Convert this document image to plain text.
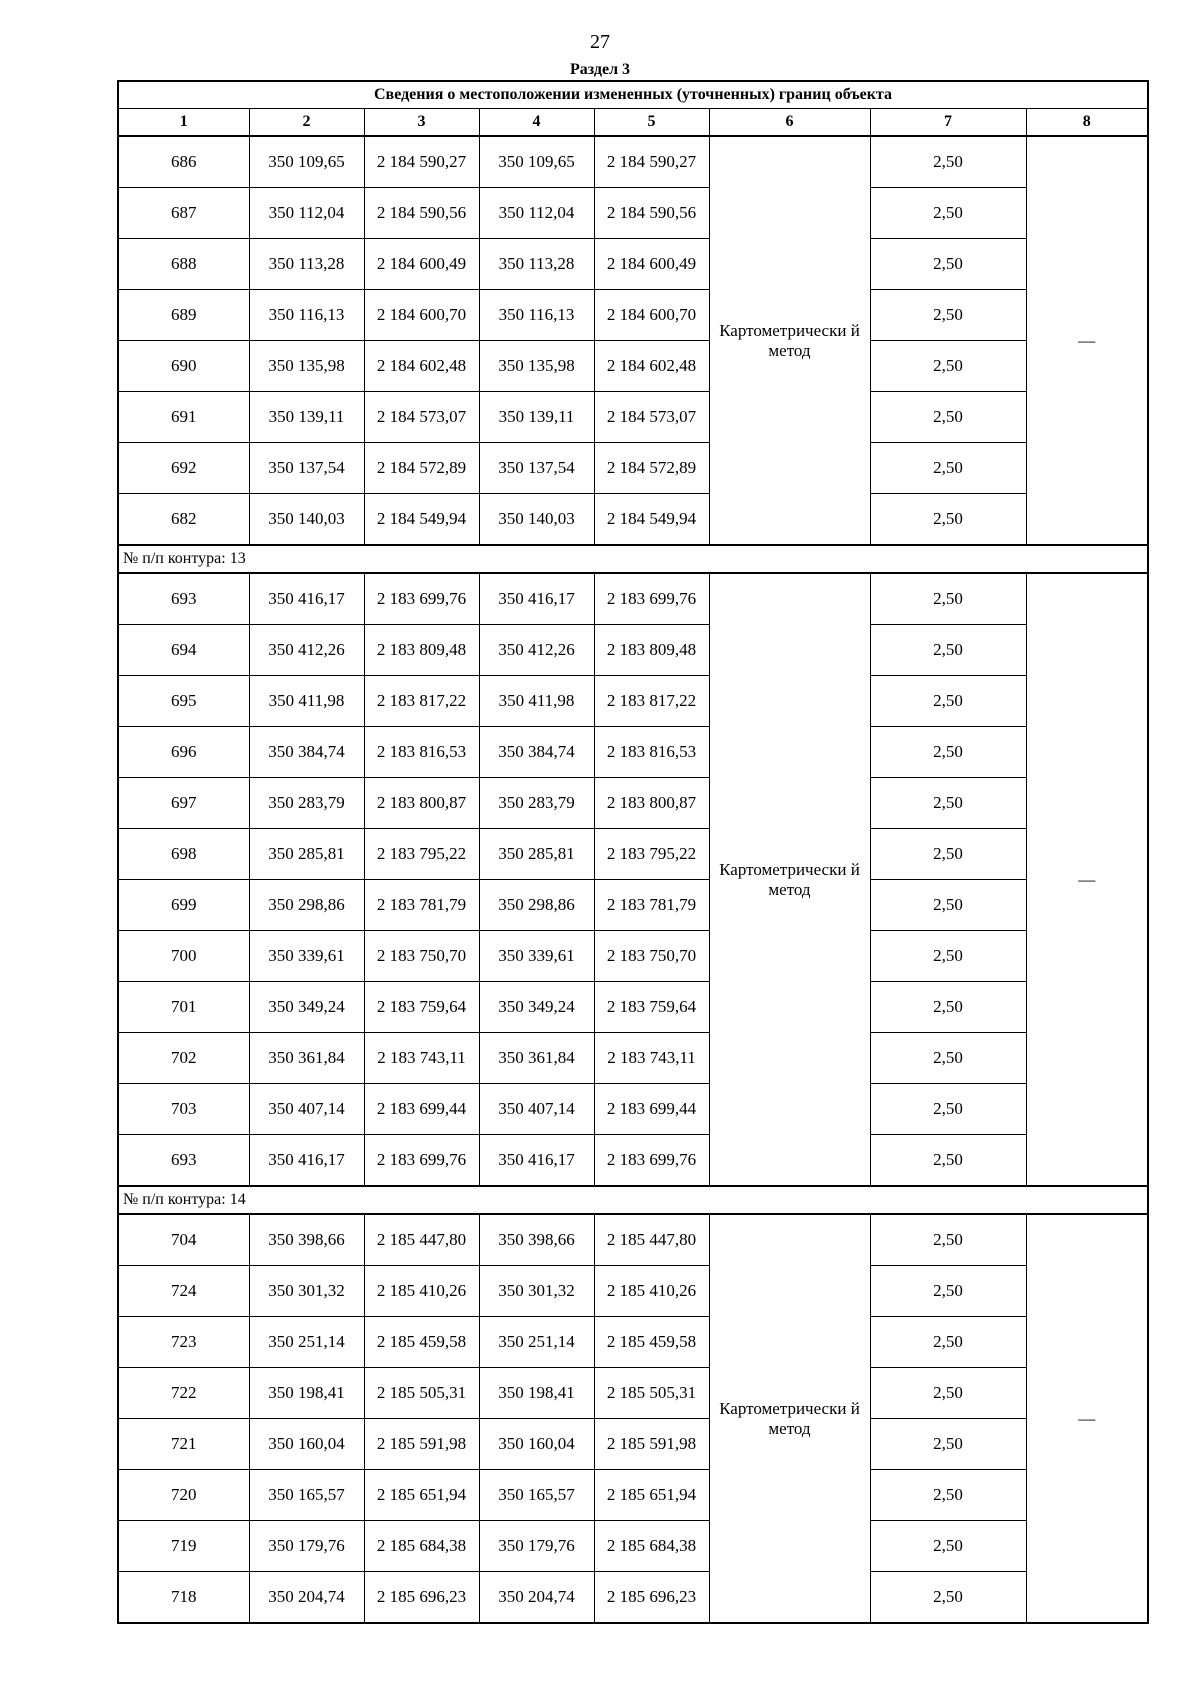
27
Раздел 3
Сведения о местоположении измененных (уточненных) границ объекта							
1	2	3	4	5	6	7	8
686	350 109,65	2 184 590,27	350 109,65	2 184 590,27	Картометрически й метод	2,50	—
687	350 112,04	2 184 590,56	350 112,04	2 184 590,56		2,50	
688	350 113,28	2 184 600,49	350 113,28	2 184 600,49		2,50	
689	350 116,13	2 184 600,70	350 116,13	2 184 600,70		2,50	
690	350 135,98	2 184 602,48	350 135,98	2 184 602,48		2,50	
691	350 139,11	2 184 573,07	350 139,11	2 184 573,07		2,50	
692	350 137,54	2 184 572,89	350 137,54	2 184 572,89		2,50	
682	350 140,03	2 184 549,94	350 140,03	2 184 549,94		2,50	
№ п/п контура: 13							
693	350 416,17	2 183 699,76	350 416,17	2 183 699,76	Картометрически й метод	2,50	—
694	350 412,26	2 183 809,48	350 412,26	2 183 809,48		2,50	
695	350 411,98	2 183 817,22	350 411,98	2 183 817,22		2,50	
696	350 384,74	2 183 816,53	350 384,74	2 183 816,53		2,50	
697	350 283,79	2 183 800,87	350 283,79	2 183 800,87		2,50	
698	350 285,81	2 183 795,22	350 285,81	2 183 795,22		2,50	
699	350 298,86	2 183 781,79	350 298,86	2 183 781,79		2,50	
700	350 339,61	2 183 750,70	350 339,61	2 183 750,70		2,50	
701	350 349,24	2 183 759,64	350 349,24	2 183 759,64		2,50	
702	350 361,84	2 183 743,11	350 361,84	2 183 743,11		2,50	
703	350 407,14	2 183 699,44	350 407,14	2 183 699,44		2,50	
693	350 416,17	2 183 699,76	350 416,17	2 183 699,76		2,50	
№ п/п контура: 14							
704	350 398,66	2 185 447,80	350 398,66	2 185 447,80	Картометрически й метод	2,50	—
724	350 301,32	2 185 410,26	350 301,32	2 185 410,26		2,50	
723	350 251,14	2 185 459,58	350 251,14	2 185 459,58		2,50	
722	350 198,41	2 185 505,31	350 198,41	2 185 505,31		2,50	
721	350 160,04	2 185 591,98	350 160,04	2 185 591,98		2,50	
720	350 165,57	2 185 651,94	350 165,57	2 185 651,94		2,50	
719	350 179,76	2 185 684,38	350 179,76	2 185 684,38		2,50	
718	350 204,74	2 185 696,23	350 204,74	2 185 696,23		2,50	
